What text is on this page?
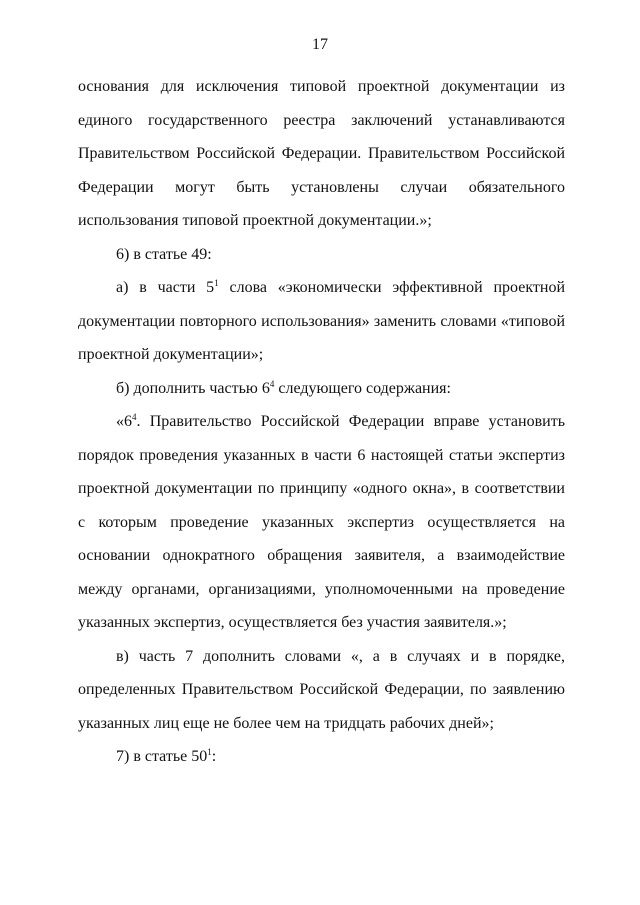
17

основания для исключения типовой проектной документации из единого государственного реестра заключений устанавливаются Правительством Российской Федерации. Правительством Российской Федерации могут быть установлены случаи обязательного использования типовой проектной документации.»;

6) в статье 49:

а) в части $5^1$ слова «экономически эффективной проектной документации повторного использования» заменить словами «типовой проектной документации»;

б) дополнить частью $6^4$ следующего содержания:

«$6^4$. Правительство Российской Федерации вправе установить порядок проведения указанных в части 6 настоящей статьи экспертиз проектной документации по принципу «одного окна», в соответствии с которым проведение указанных экспертиз осуществляется на основании однократного обращения заявителя, а взаимодействие между органами, организациями, уполномоченными на проведение указанных экспертиз, осуществляется без участия заявителя.»;

в) часть 7 дополнить словами «, а в случаях и в порядке, определенных Правительством Российской Федерации, по заявлению указанных лиц еще не более чем на тридцать рабочих дней»;

7) в статье $50^1$:
